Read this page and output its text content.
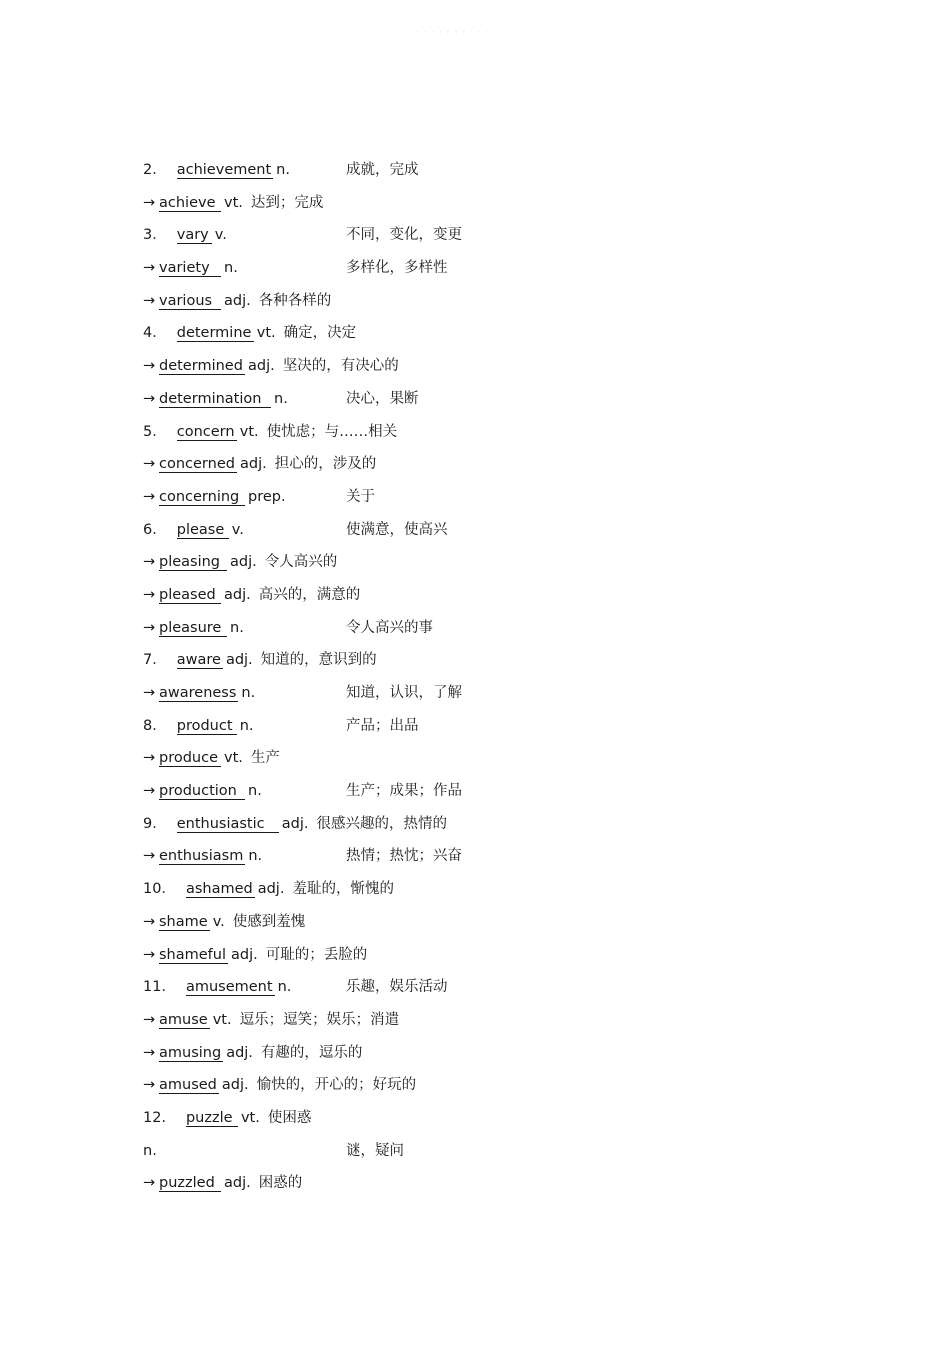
· · · · · · · · · · · · · ·
2． achievement n.	成就，完成
→ achieve vt. 达到；完成
3． vary v.	不同，变化，变更
→ variety n.	多样化，多样性
→ various adj. 各种各样的
4． determine vt. 确定，决定
→ determined adj. 坚决的，有决心的
→ determination n.	决心，果断
5． concern vt. 使忧虑；与……相关
→ concerned adj. 担心的，涉及的
→ concerning prep.	关于
6． please v.	使满意，使高兴
→ pleasing adj. 令人高兴的
→ pleased adj. 高兴的，满意的
→ pleasure n.	令人高兴的事
7． aware adj. 知道的，意识到的
→ awareness n.	知道，认识，了解
8． product n.	产品；出品
→ produce vt. 生产
→ production n.	生产；成果；作品
9． enthusiastic adj. 很感兴趣的，热情的
→ enthusiasm n.	热情；热忱；兴奋
10． ashamed adj. 羞耻的，惭愧的
→ shame v. 使感到羞愧
→ shameful adj. 可耻的；丢脸的
11． amusement n.	乐趣，娱乐活动
→ amuse vt. 逗乐；逗笑；娱乐；消遣
→ amusing adj. 有趣的，逗乐的
→ amused adj. 愉快的，开心的；好玩的
12． puzzle vt. 使困惑
n.	谜，疑问
→ puzzled adj. 困惑的
